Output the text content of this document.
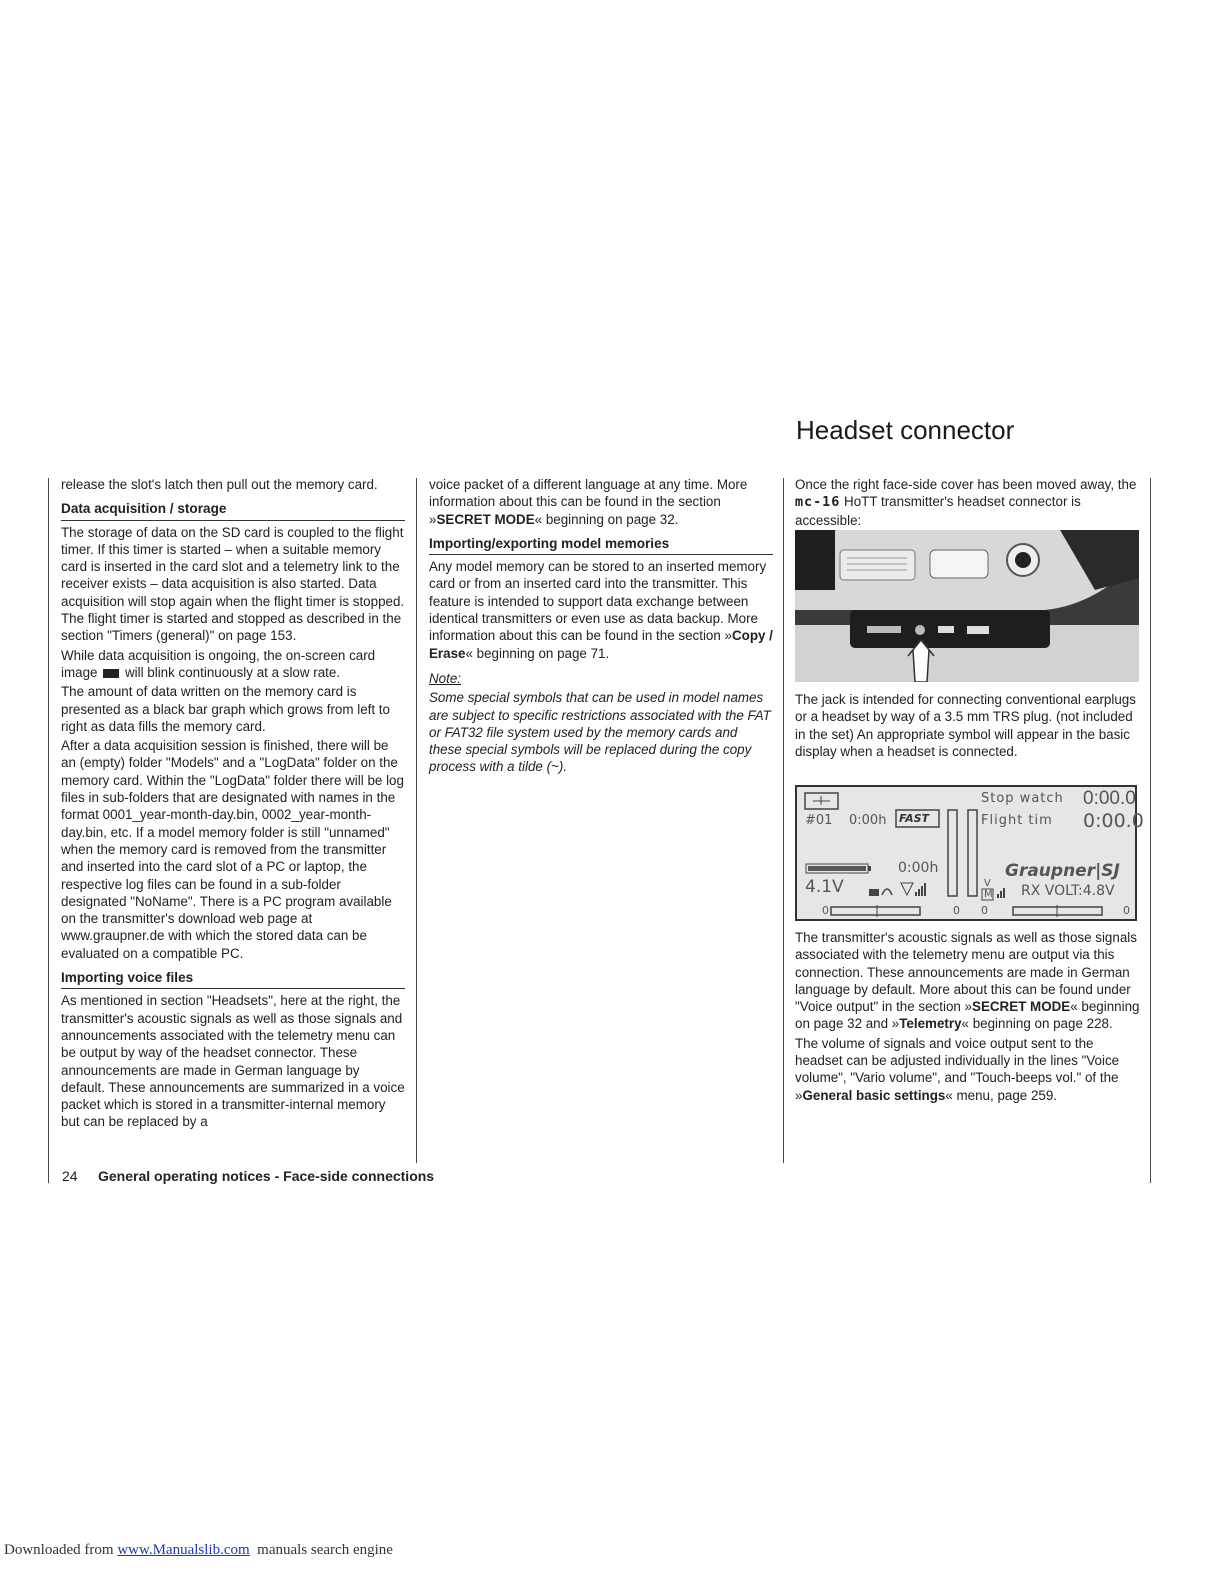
Headset connector

release the slot's latch then pull out the memory card.

Data acquisition / storage

The storage of data on the SD card is coupled to the flight timer. If this timer is started – when a suitable memory card is inserted in the card slot and a telemetry link to the receiver exists – data acquisition is also started. Data acquisition will stop again when the flight timer is stopped. The flight timer is started and stopped as described in the section "Timers (general)" on page 153.

While data acquisition is ongoing, the on-screen card image will blink continuously at a slow rate.

The amount of data written on the memory card is presented as a black bar graph which grows from left to right as data fills the memory card.

After a data acquisition session is finished, there will be an (empty) folder "Models" and a "LogData" folder on the memory card. Within the "LogData" folder there will be log files in sub-folders that are designated with names in the format 0001_year-month-day.bin, 0002_year-month-day.bin, etc. If a model memory folder is still "unnamed" when the memory card is removed from the transmitter and inserted into the card slot of a PC or laptop, the respective log files can be found in a sub-folder designated "NoName". There is a PC program available on the transmitter's download web page at www.graupner.de with which the stored data can be evaluated on a compatible PC.

Importing voice files

As mentioned in section "Headsets", here at the right, the transmitter's acoustic signals as well as those signals and announcements associated with the telemetry menu can be output by way of the headset connector. These announcements are made in German language by default. These announcements are summarized in a voice packet which is stored in a transmitter-internal memory but can be replaced by a

voice packet of a different language at any time. More information about this can be found in the section »SECRET MODE« beginning on page 32.

Importing/exporting model memories

Any model memory can be stored to an inserted memory card or from an inserted card into the transmitter. This feature is intended to support data exchange between identical transmitters or even use as data backup. More information about this can be found in the section »Copy / Erase« beginning on page 71.

Note:

Some special symbols that can be used in model names are subject to specific restrictions associated with the FAT or FAT32 file system used by the memory cards and these special symbols will be replaced during the copy process with a tilde (~).

Once the right face-side cover has been moved away, the mc-16 HoTT transmitter's headset connector is accessible:

The jack is intended for connecting conventional earplugs or a headset by way of a 3.5 mm TRS plug. (not included in the set) An appropriate symbol will appear in the basic display when a headset is connected.

#01 0:00h FAST
Stop watch 0:00.0
Flight tim 0:00.0
0:00h
4.1V
Graupner|SJ
RX VOLT:4.8V
V
M
0	0 0	0

The transmitter's acoustic signals as well as those signals associated with the telemetry menu are output via this connection. These announcements are made in German language by default. More about this can be found under "Voice output" in the section »SECRET MODE« beginning on page 32 and »Telemetry« beginning on page 228.

The volume of signals and voice output sent to the headset can be adjusted individually in the lines "Voice volume", "Vario volume", and "Touch-beeps vol." of the »General basic settings« menu, page 259.

24 General operating notices - Face-side connections
Downloaded from www.Manualslib.com  manuals search engine
